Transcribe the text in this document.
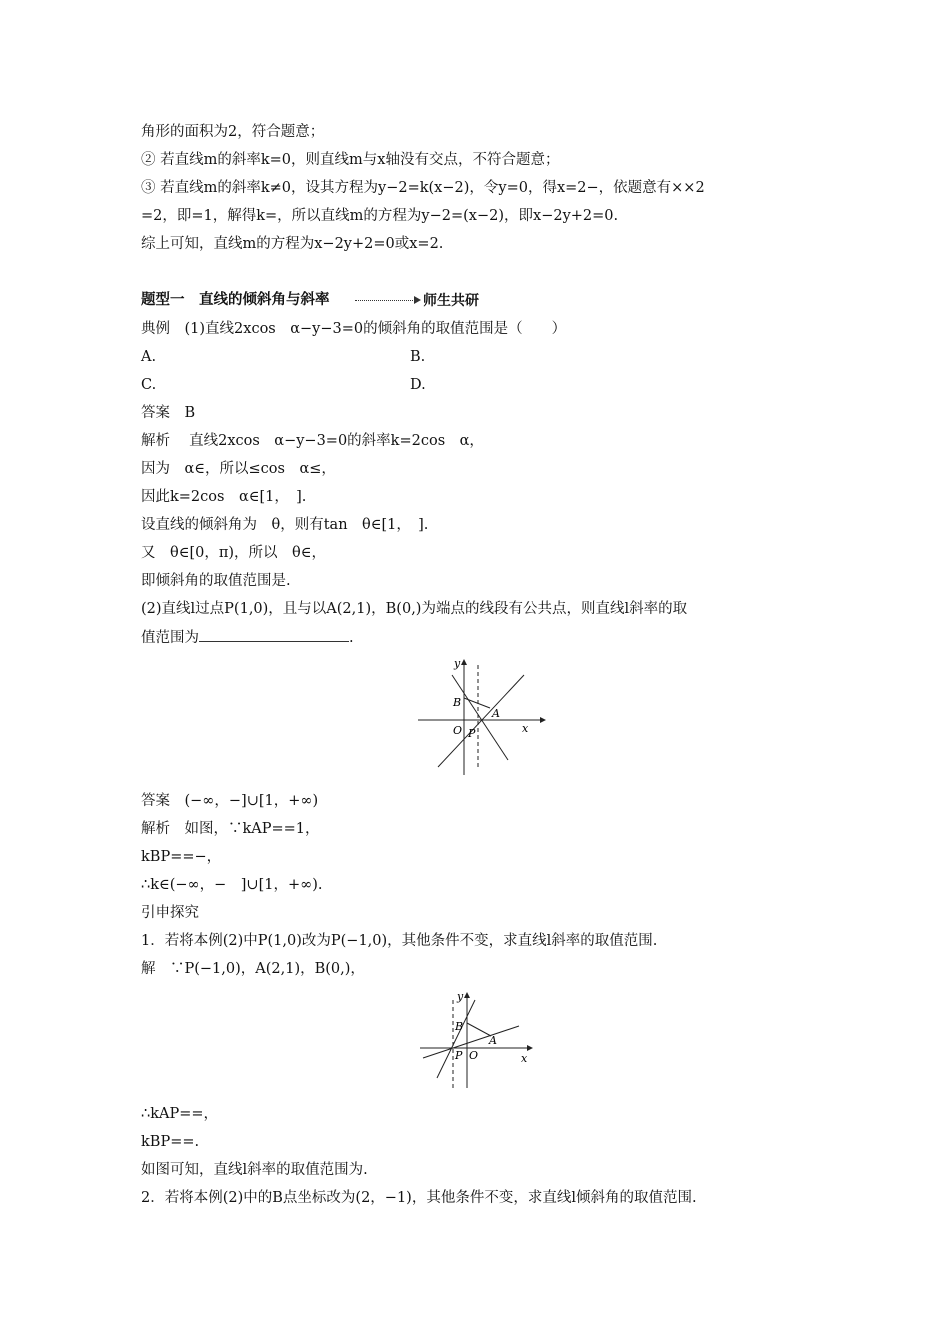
角形的面积为2，符合题意；
② 若直线m的斜率k=0，则直线m与x轴没有交点，不符合题意；
③ 若直线m的斜率k≠0，设其方程为y−2=k(x−2)，令y=0，得x=2−，依题意有××2
=2，即=1，解得k=，所以直线m的方程为y−2=(x−2)，即x−2y+2=0.
综上可知，直线m的方程为x−2y+2=0或x=2.
题型一　直线的倾斜角与斜率	师生共研
典例　(1)直线2xcos　α−y−3=0的倾斜角的取值范围是（　　）
A.	B.
C.	D.
答案　B
解析　 直线2xcos　α−y−3=0的斜率k=2cos　α，
因为　α∈，所以≤cos　α≤，
因此k=2cos　α∈[1，　].
设直线的倾斜角为　θ，则有tan　θ∈[1，　].
又　θ∈[0，π)，所以　θ∈，
即倾斜角的取值范围是.
(2)直线l过点P(1,0)，且与以A(2,1)，B(0,)为端点的线段有公共点，则直线l斜率的取
值范围为	.
y
x
B
A
O P
答案　(−∞，−]∪[1，+∞)
解析　如图，∵kAP==1，
kBP==−，
∴k∈(−∞，−　]∪[1，+∞).
引申探究
1．若将本例(2)中P(1,0)改为P(−1,0)，其他条件不变，求直线l斜率的取值范围.
解　∵P(−1,0)，A(2,1)，B(0,)，
y
x
B
A
O
P
∴kAP==，
kBP==.
如图可知，直线l斜率的取值范围为.
2．若将本例(2)中的B点坐标改为(2，−1)，其他条件不变，求直线l倾斜角的取值范围.
